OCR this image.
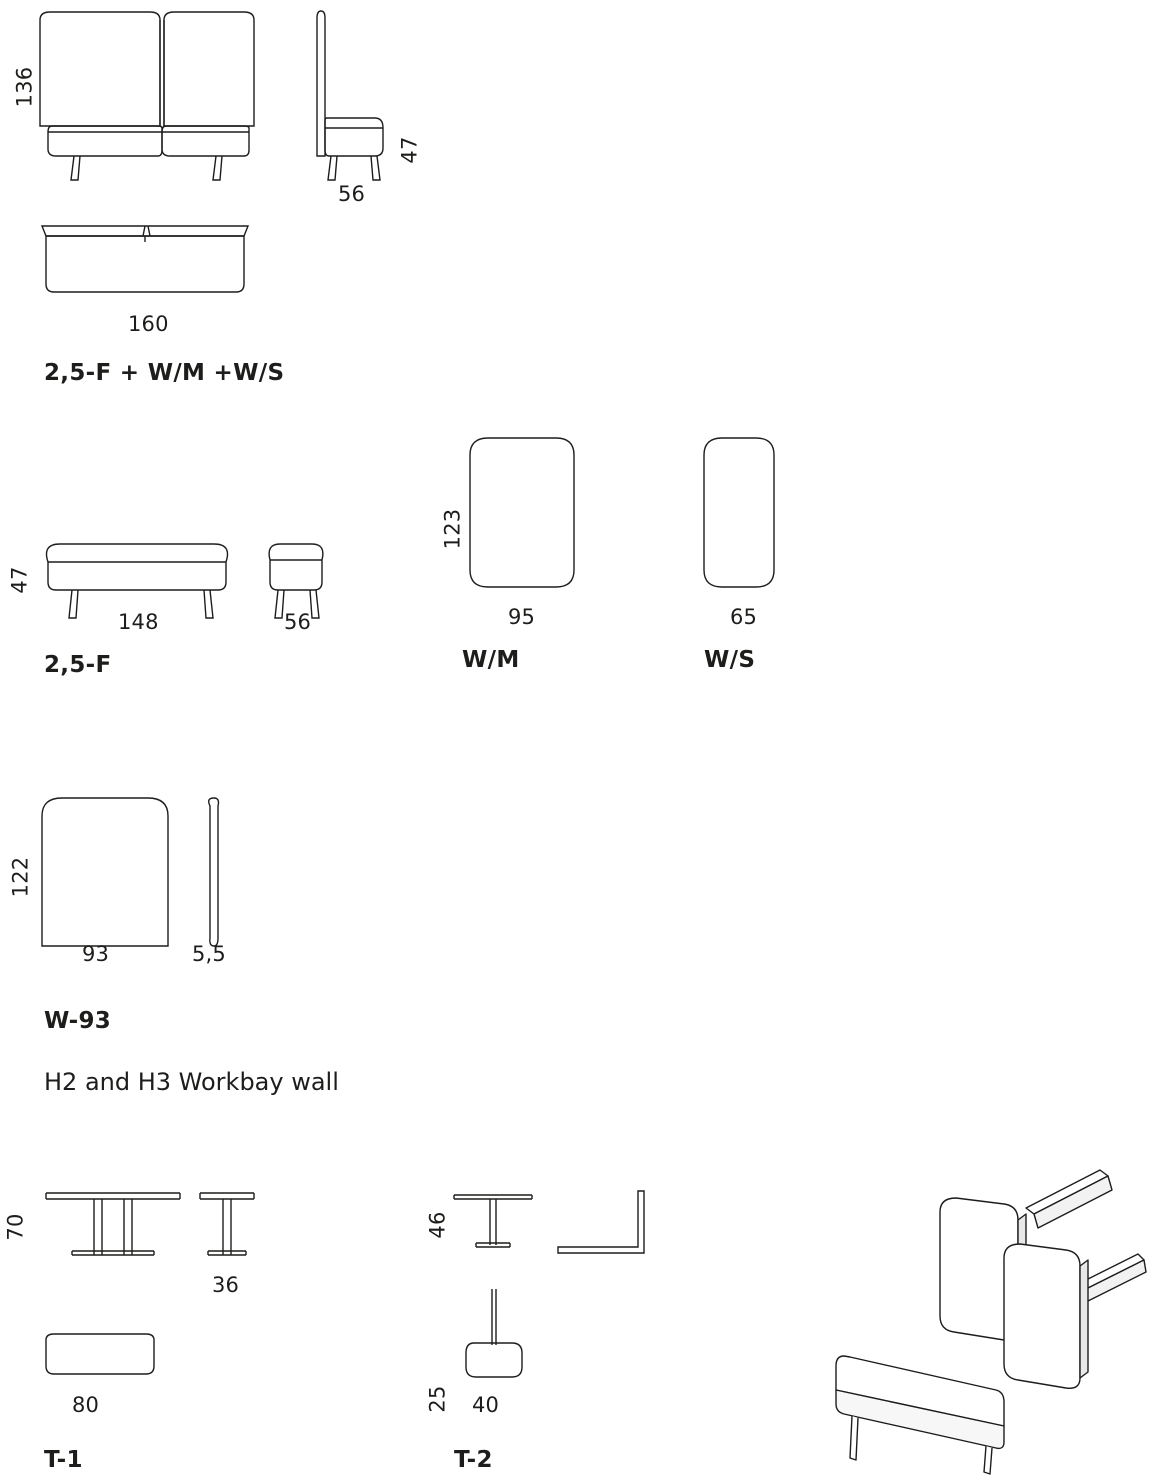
136
47
56
160
2,5-F + W/M +W/S
47
148	56
2,5-F
123
95
W/M
65
W/S
122
93	5,5
W-93
H2 and H3 Workbay wall
70
36
80
T-1
46
25 40
T-2
